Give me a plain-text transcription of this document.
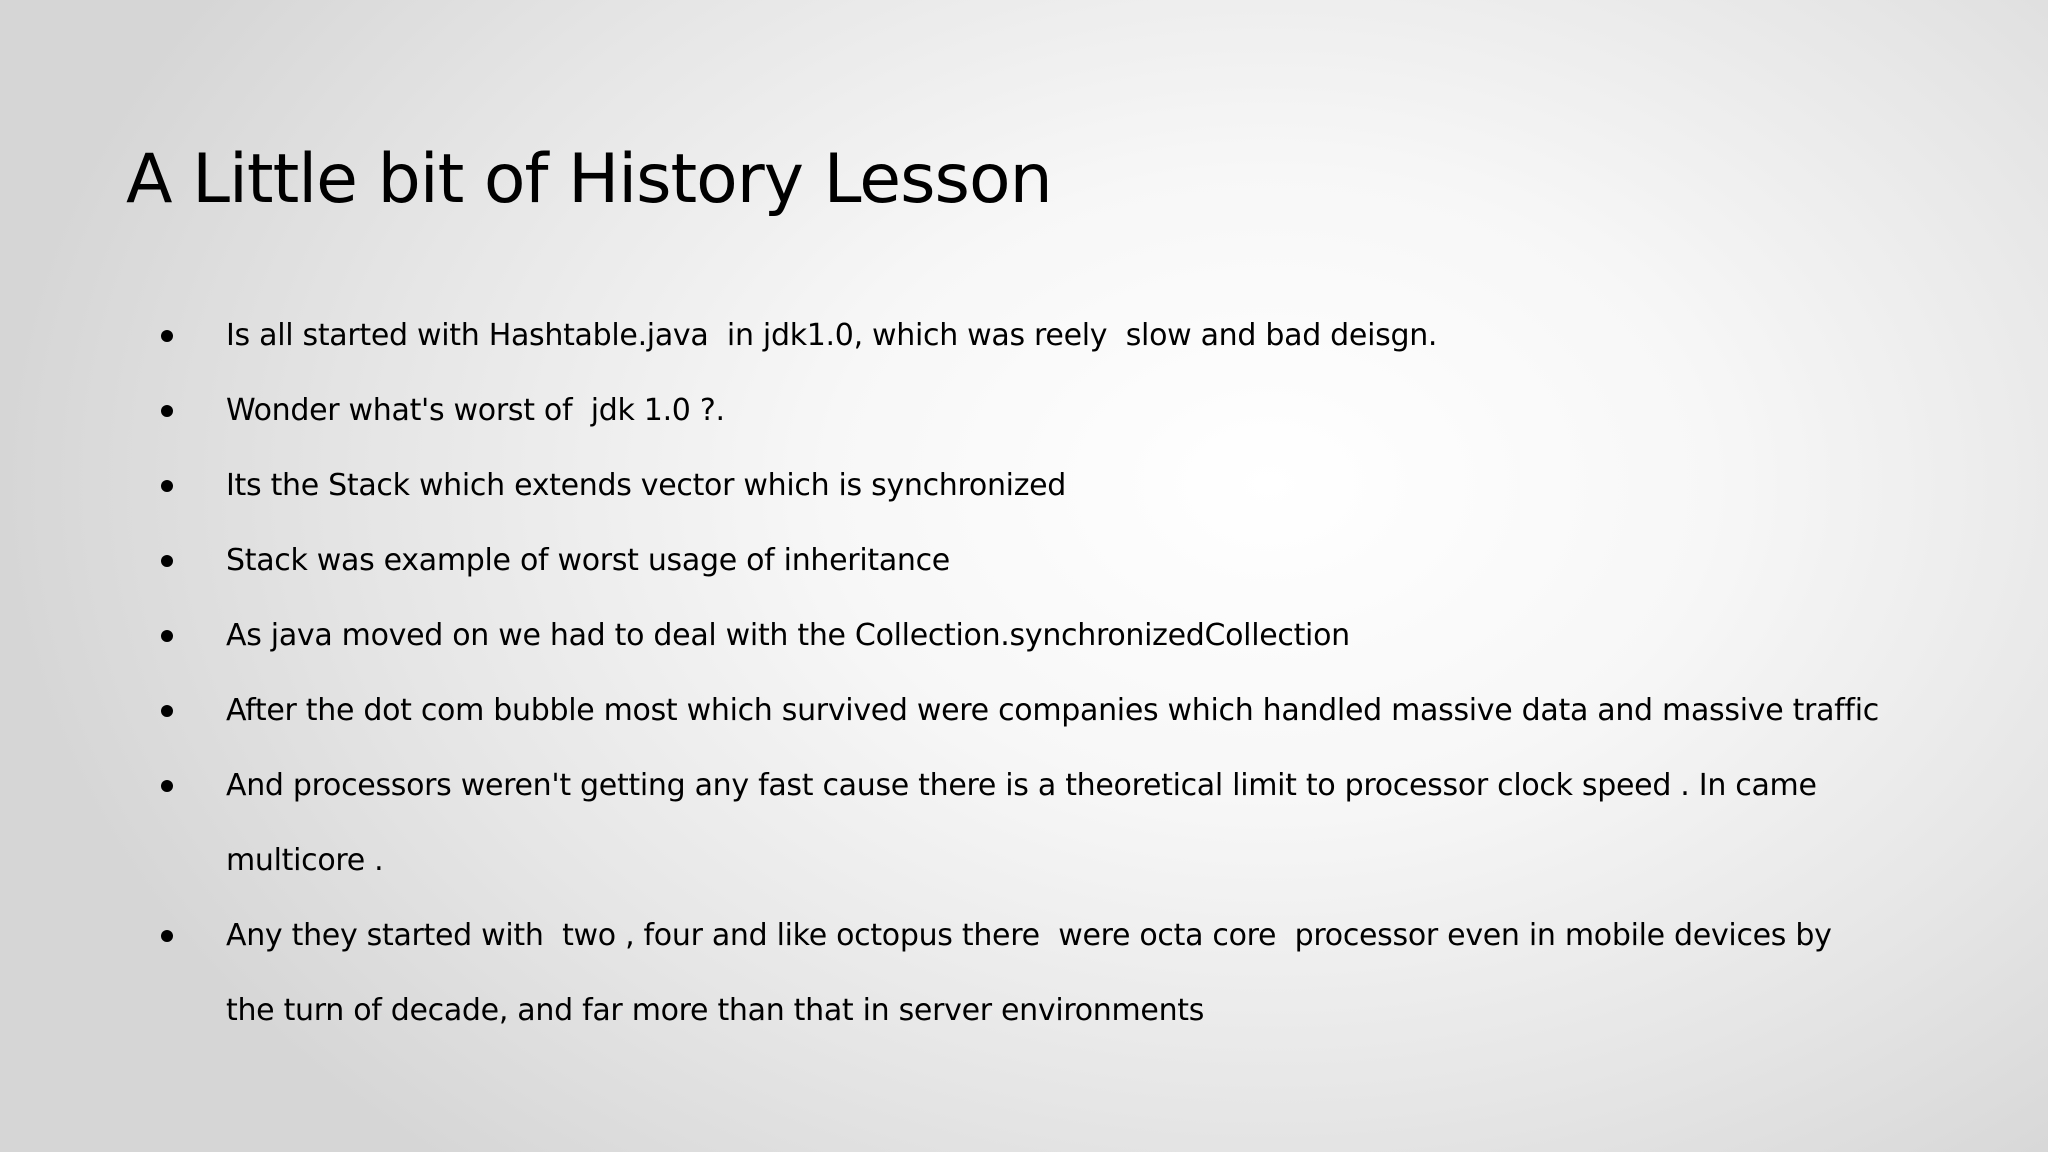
A Little bit of History Lesson
Is all started with Hashtable.java  in jdk1.0, which was reely  slow and bad deisgn.
Wonder what's worst of  jdk 1.0 ?.
Its the Stack which extends vector which is synchronized
Stack was example of worst usage of inheritance
As java moved on we had to deal with the Collection.synchronizedCollection
After the dot com bubble most which survived were companies which handled massive data and massive traffic
And processors weren't getting any fast cause there is a theoretical limit to processor clock speed . In came multicore .
Any they started with  two , four and like octopus there  were octa core  processor even in mobile devices by the turn of decade, and far more than that in server environments
